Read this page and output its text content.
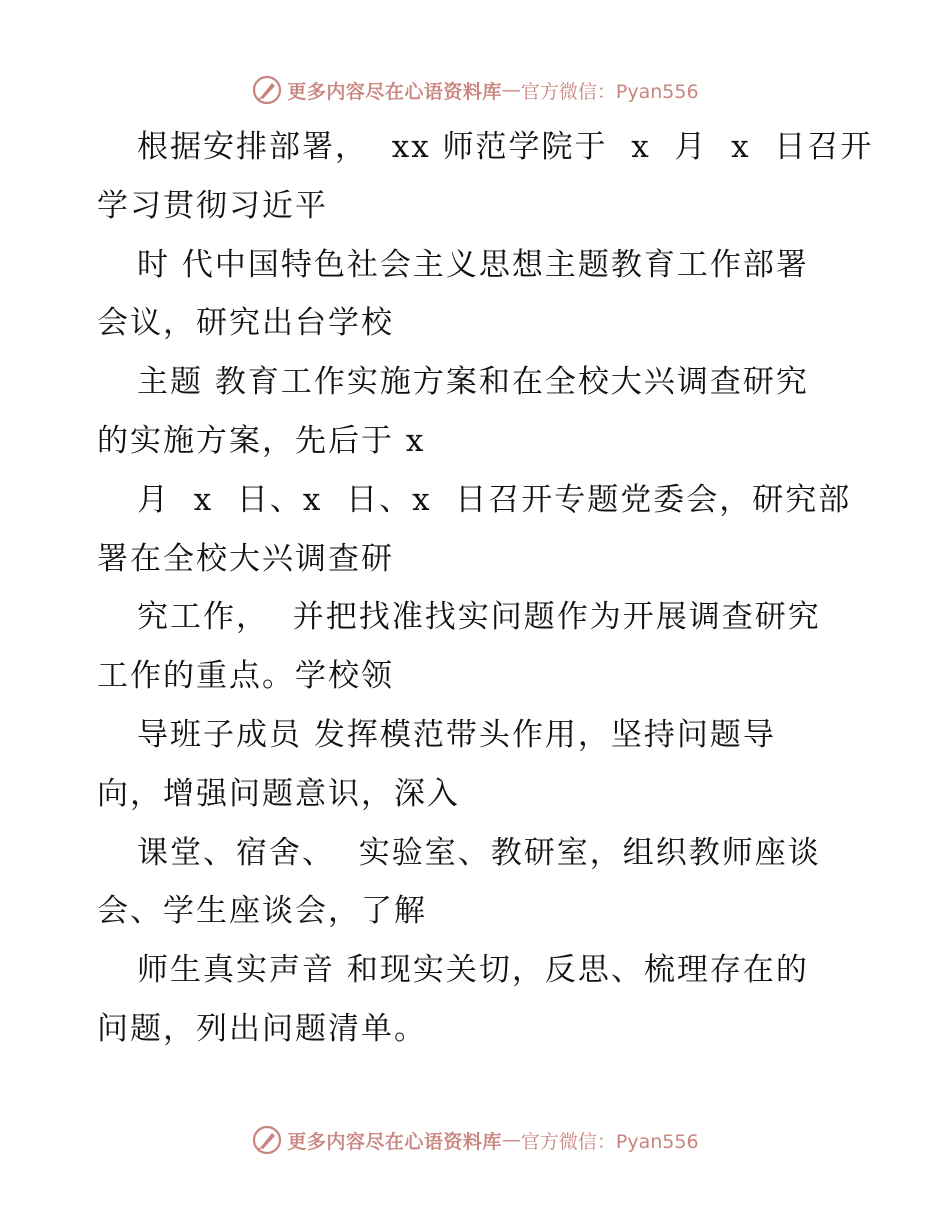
更多内容尽在心语资料库 — 官方微信：Pyan556
根据安排部署，  xx 师范学院于  x  月  x  日召开
学习贯彻习近平
时 代中国特色社会主义思想主题教育工作部署
会议，研究出台学校
主题 教育工作实施方案和在全校大兴调查研究
的实施方案，先后于 x
月  x  日、x  日、x  日召开专题党委会，研究部
署在全校大兴调查研
究工作，  并把找准找实问题作为开展调查研究
工作的重点。学校领
导班子成员 发挥模范带头作用，坚持问题导
向，增强问题意识，深入
课堂、宿舍、  实验室、教研室，组织教师座谈
会、学生座谈会，了解
师生真实声音 和现实关切，反思、梳理存在的
问题，列出问题清单。
更多内容尽在心语资料库 — 官方微信：Pyan556
